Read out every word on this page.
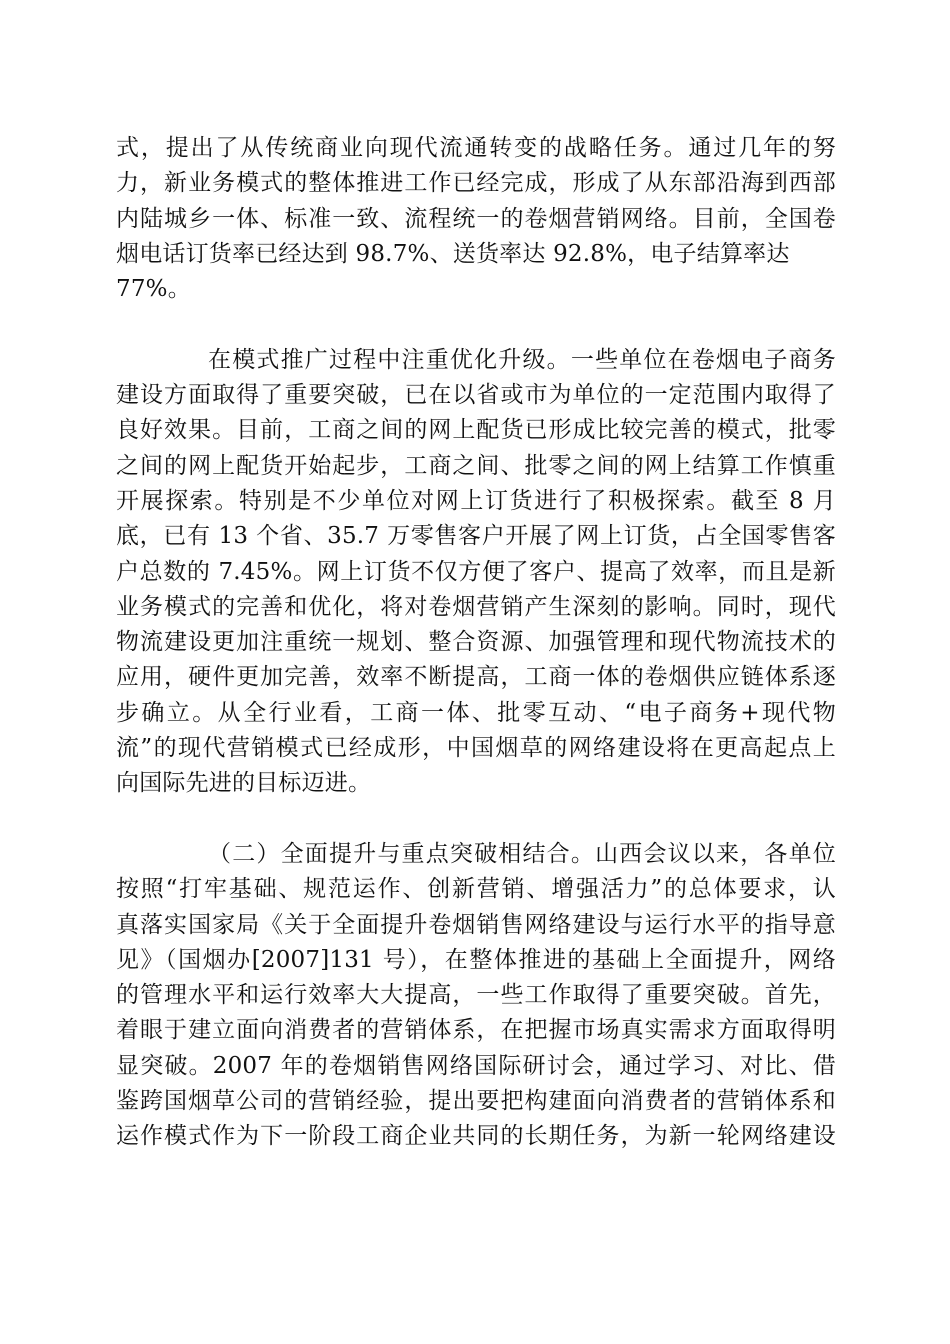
式，提出了从传统商业向现代流通转变的战略任务。通过几年的努
力，新业务模式的整体推进工作已经完成，形成了从东部沿海到西部
内陆城乡一体、标准一致、流程统一的卷烟营销网络。目前，全国卷
烟电话订货率已经达到 98.7%、送货率达 92.8%，电子结算率达
77%。
在模式推广过程中注重优化升级。一些单位在卷烟电子商务
建设方面取得了重要突破，已在以省或市为单位的一定范围内取得了
良好效果。目前，工商之间的网上配货已形成比较完善的模式，批零
之间的网上配货开始起步，工商之间、批零之间的网上结算工作慎重
开展探索。特别是不少单位对网上订货进行了积极探索。截至 8 月
底，已有 13 个省、35.7 万零售客户开展了网上订货，占全国零售客
户总数的 7.45%。网上订货不仅方便了客户、提高了效率，而且是新
业务模式的完善和优化，将对卷烟营销产生深刻的影响。同时，现代
物流建设更加注重统一规划、整合资源、加强管理和现代物流技术的
应用，硬件更加完善，效率不断提高，工商一体的卷烟供应链体系逐
步确立。从全行业看，工商一体、批零互动、“电子商务+现代物
流”的现代营销模式已经成形，中国烟草的网络建设将在更高起点上
向国际先进的目标迈进。
（二）全面提升与重点突破相结合。山西会议以来，各单位
按照“打牢基础、规范运作、创新营销、增强活力”的总体要求，认
真落实国家局《关于全面提升卷烟销售网络建设与运行水平的指导意
见》（国烟办[2007]131 号），在整体推进的基础上全面提升，网络
的管理水平和运行效率大大提高，一些工作取得了重要突破。首先，
着眼于建立面向消费者的营销体系，在把握市场真实需求方面取得明
显突破。2007 年的卷烟销售网络国际研讨会，通过学习、对比、借
鉴跨国烟草公司的营销经验，提出要把构建面向消费者的营销体系和
运作模式作为下一阶段工商企业共同的长期任务，为新一轮网络建设
